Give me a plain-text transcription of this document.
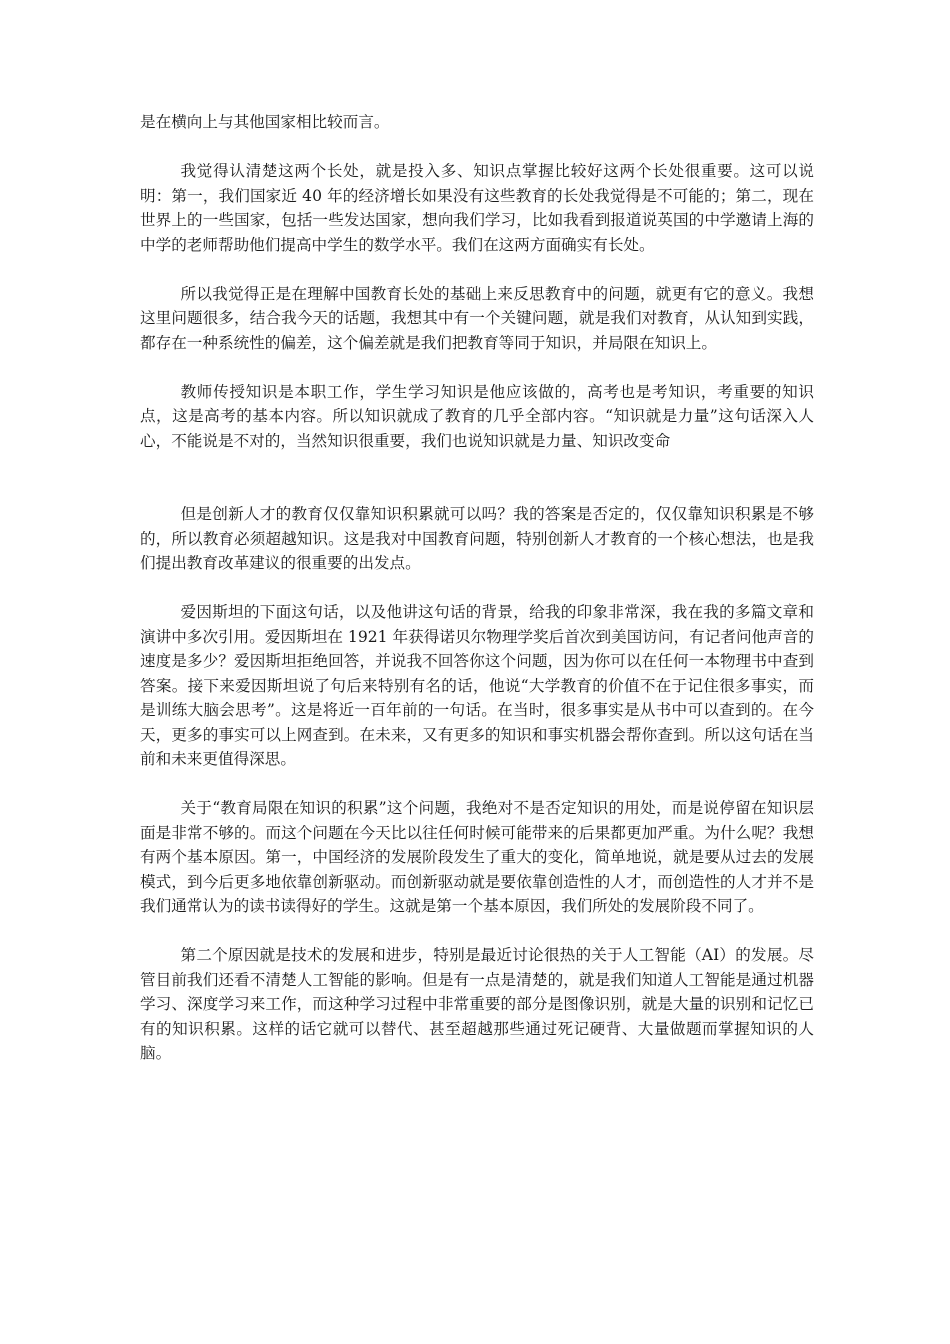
是在横向上与其他国家相比较而言。

我觉得认清楚这两个长处，就是投入多、知识点掌握比较好这两个长处很重要。这可以说明：第一，我们国家近 40 年的经济增长如果没有这些教育的长处我觉得是不可能的；第二，现在世界上的一些国家，包括一些发达国家，想向我们学习，比如我看到报道说英国的中学邀请上海的中学的老师帮助他们提高中学生的数学水平。我们在这两方面确实有长处。

所以我觉得正是在理解中国教育长处的基础上来反思教育中的问题，就更有它的意义。我想这里问题很多，结合我今天的话题，我想其中有一个关键问题，就是我们对教育，从认知到实践，都存在一种系统性的偏差，这个偏差就是我们把教育等同于知识，并局限在知识上。

教师传授知识是本职工作，学生学习知识是他应该做的，高考也是考知识，考重要的知识点，这是高考的基本内容。所以知识就成了教育的几乎全部内容。“知识就是力量”这句话深入人心，不能说是不对的，当然知识很重要，我们也说知识就是力量、知识改变命

但是创新人才的教育仅仅靠知识积累就可以吗？我的答案是否定的，仅仅靠知识积累是不够的，所以教育必须超越知识。这是我对中国教育问题，特别创新人才教育的一个核心想法，也是我们提出教育改革建议的很重要的出发点。

爱因斯坦的下面这句话，以及他讲这句话的背景，给我的印象非常深，我在我的多篇文章和演讲中多次引用。爱因斯坦在 1921 年获得诺贝尔物理学奖后首次到美国访问，有记者问他声音的速度是多少？爱因斯坦拒绝回答，并说我不回答你这个问题，因为你可以在任何一本物理书中查到答案。接下来爱因斯坦说了句后来特别有名的话，他说“大学教育的价值不在于记住很多事实，而是训练大脑会思考”。这是将近一百年前的一句话。在当时，很多事实是从书中可以查到的。在今天，更多的事实可以上网查到。在未来，又有更多的知识和事实机器会帮你查到。所以这句话在当前和未来更值得深思。

关于“教育局限在知识的积累”这个问题，我绝对不是否定知识的用处，而是说停留在知识层面是非常不够的。而这个问题在今天比以往任何时候可能带来的后果都更加严重。为什么呢？我想有两个基本原因。第一，中国经济的发展阶段发生了重大的变化，简单地说，就是要从过去的发展模式，到今后更多地依靠创新驱动。而创新驱动就是要依靠创造性的人才，而创造性的人才并不是我们通常认为的读书读得好的学生。这就是第一个基本原因，我们所处的发展阶段不同了。

第二个原因就是技术的发展和进步，特别是最近讨论很热的关于人工智能（AI）的发展。尽管目前我们还看不清楚人工智能的影响。但是有一点是清楚的，就是我们知道人工智能是通过机器学习、深度学习来工作，而这种学习过程中非常重要的部分是图像识别，就是大量的识别和记忆已有的知识积累。这样的话它就可以替代、甚至超越那些通过死记硬背、大量做题而掌握知识的人脑。
